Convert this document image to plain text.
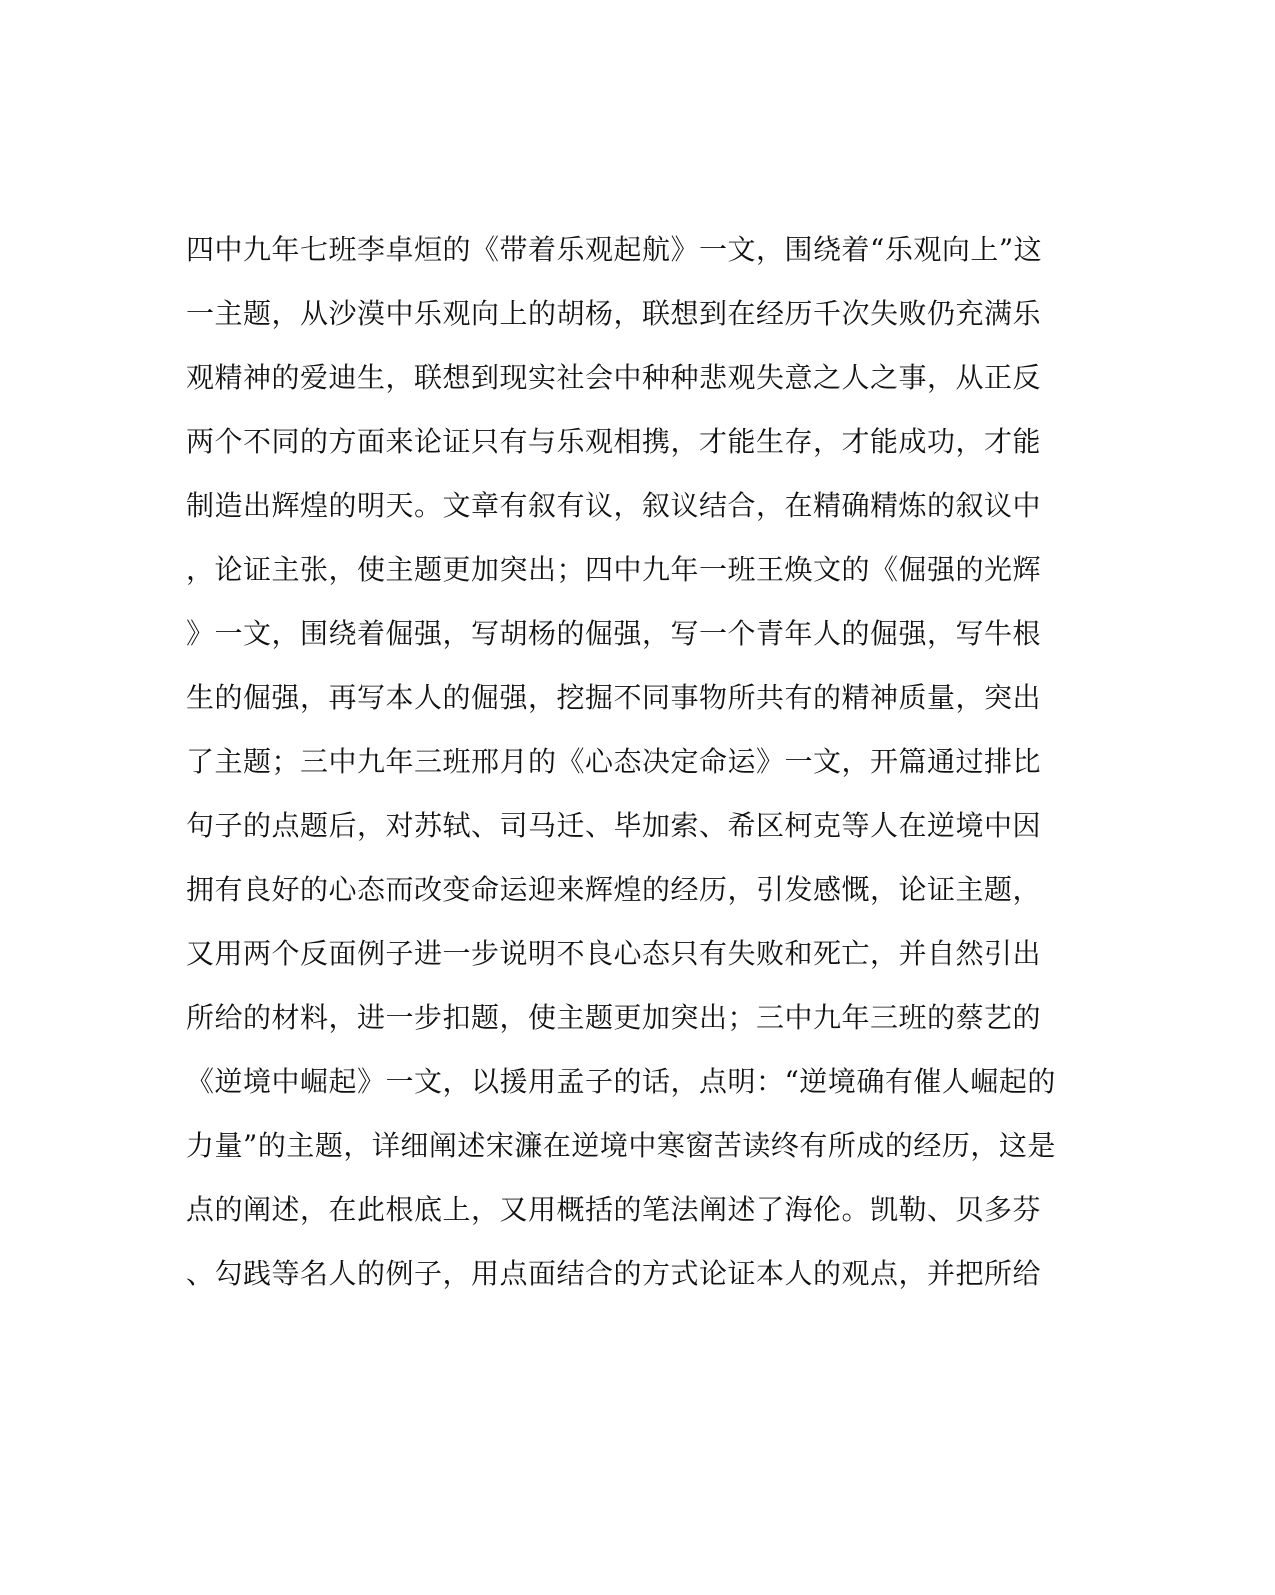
四中九年七班李卓烜的《带着乐观起航》一文，围绕着“乐观向上”这
一主题，从沙漠中乐观向上的胡杨，联想到在经历千次失败仍充满乐
观精神的爱迪生，联想到现实社会中种种悲观失意之人之事，从正反
两个不同的方面来论证只有与乐观相携，才能生存，才能成功，才能
制造出辉煌的明天。文章有叙有议，叙议结合，在精确精炼的叙议中
，论证主张，使主题更加突出；四中九年一班王焕文的《倔强的光辉
》一文，围绕着倔强，写胡杨的倔强，写一个青年人的倔强，写牛根
生的倔强，再写本人的倔强，挖掘不同事物所共有的精神质量，突出
了主题；三中九年三班邢月的《心态决定命运》一文，开篇通过排比
句子的点题后，对苏轼、司马迁、毕加索、希区柯克等人在逆境中因
拥有良好的心态而改变命运迎来辉煌的经历，引发感慨，论证主题，
又用两个反面例子进一步说明不良心态只有失败和死亡，并自然引出
所给的材料，进一步扣题，使主题更加突出；三中九年三班的蔡艺的
《逆境中崛起》一文，以援用孟子的话，点明：“逆境确有催人崛起的
力量”的主题，详细阐述宋濂在逆境中寒窗苦读终有所成的经历，这是
点的阐述，在此根底上，又用概括的笔法阐述了海伦。凯勒、贝多芬
、勾践等名人的例子，用点面结合的方式论证本人的观点，并把所给
